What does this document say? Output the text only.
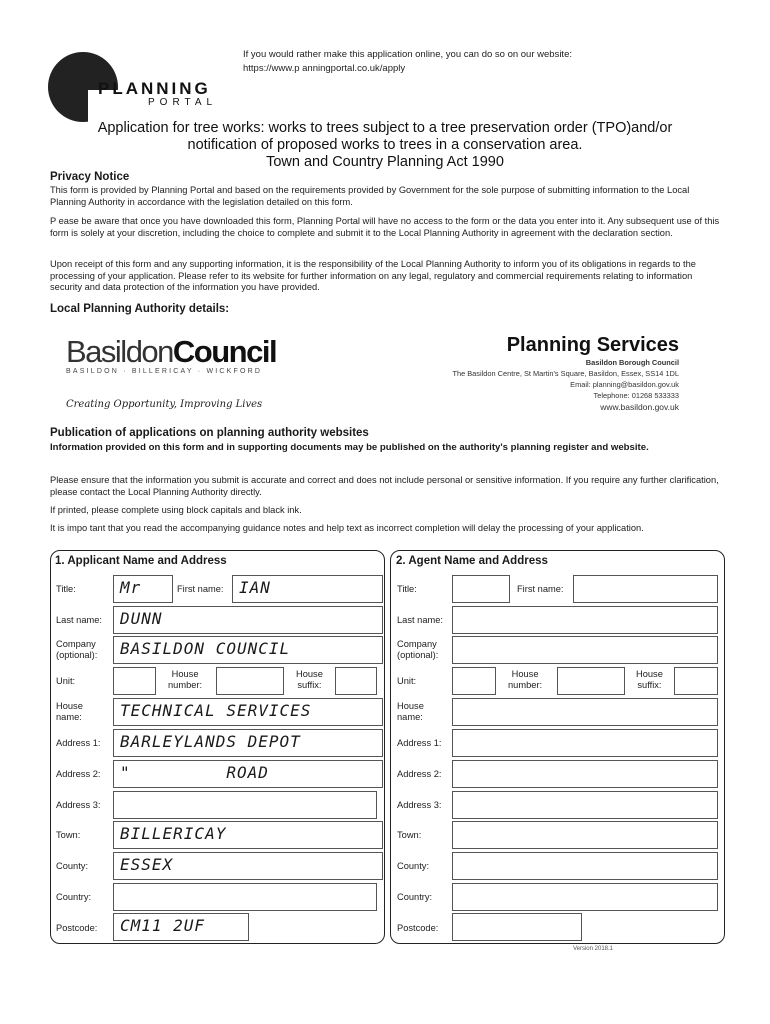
If you would rather make this application online, you can do so on our website:
https://www.p anningportal.co.uk/apply
PLANNING
PORTAL
Application for tree works: works to trees subject to a tree preservation order (TPO)and/or
notification of proposed works to trees in a conservation area.
Town and Country Planning Act 1990
Privacy Notice
This form is provided by Planning Portal and based on the requirements provided by Government for the sole purpose of submitting information to the Local Planning Authority in accordance with the legislation detailed on this form.
P ease be aware that once you have downloaded this form, Planning Portal will have no access to the form or the data you enter into it. Any subsequent use of this form is solely at your discretion, including the choice to complete and submit it to the Local Planning Authority in agreement with the declaration section.
Upon receipt of this form and any supporting information, it is the responsibility of the Local Planning Authority to inform you of its obligations in regards to the processing of your application. Please refer to its website for further information on any legal, regulatory and commercial requirements relating to information security and data protection of the information you have provided.
Local Planning Authority details:
BasildonCouncil
BASILDON · BILLERICAY · WICKFORD
Creating Opportunity, Improving Lives
Planning Services
Basildon Borough Council
The Basildon Centre, St Martin's Square, Basildon, Essex, SS14 1DL
Email: planning@basildon.gov.uk
Telephone: 01268 533333
www.basildon.gov.uk
Publication of applications on planning authority websites
Information provided on this form and in supporting documents may be published on the authority's planning register and website.
Please ensure that the information you submit is accurate and correct and does not include personal or sensitive information. If you require any further clarification, please contact the Local Planning Authority directly.
If printed, please complete using block capitals and black ink.
It is impo tant that you read the accompanying guidance notes and help text as incorrect completion will delay the processing of your application.
1. Applicant Name and Address
Title:	Mr	First name: IAN
Last name:	DUNN
Company
(optional):	BASILDON COUNCIL
Unit:
House
number:
House
suffix:
House
name:	TECHNICAL SERVICES
Address 1:	BARLEYLANDS DEPOT
Address 2:	"         ROAD
Address 3:
Town:	BILLERICAY
County:	ESSEX
Country:
Postcode:	CM11 2UF
2. Agent Name and Address
Title:	First name:
Last name:
Company
(optional):
Unit:
House
number:
House
suffix:
House
name:
Address 1:
Address 2:
Address 3:
Town:
County:
Country:
Postcode:
Version 2018.1
